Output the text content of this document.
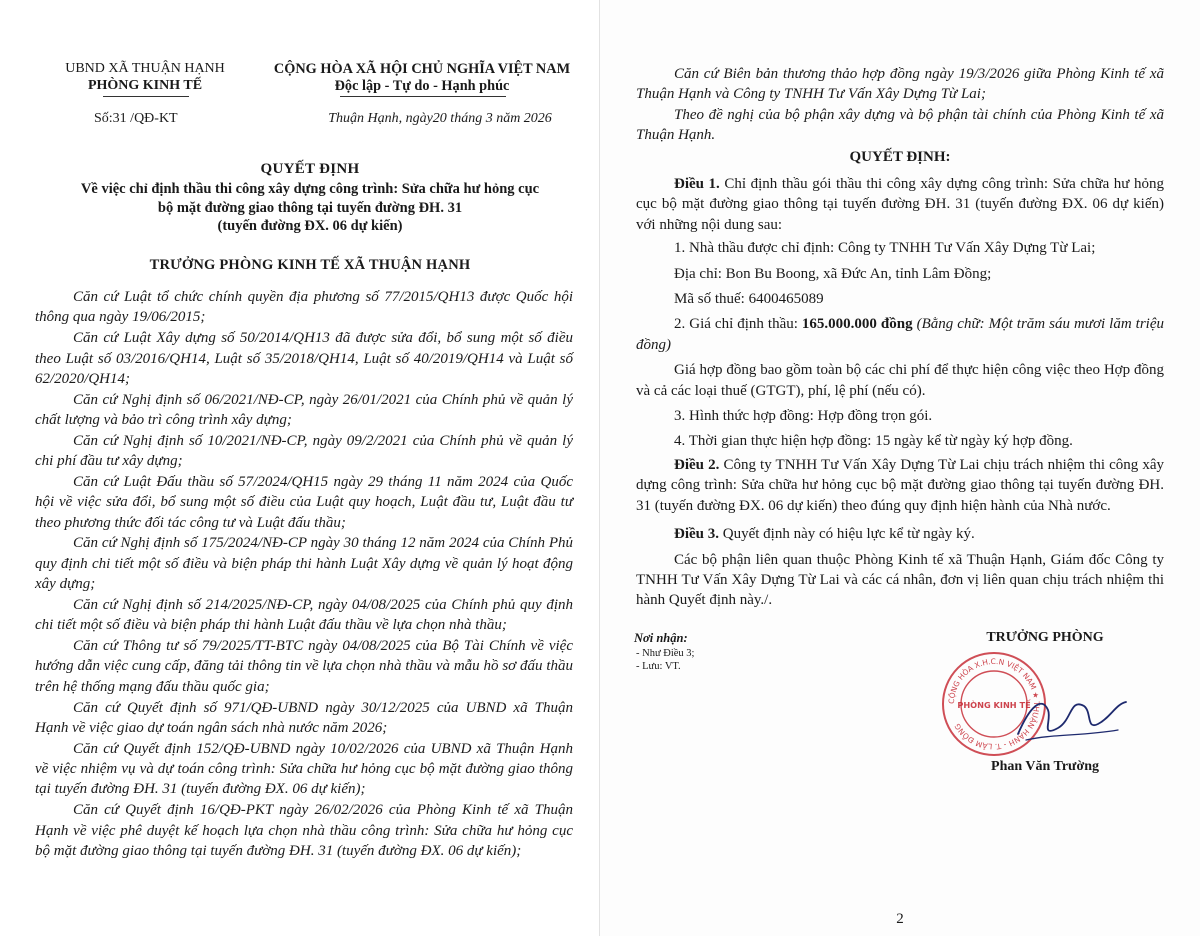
UBND XÃ THUẬN HẠNH
PHÒNG KINH TẾ
CỘNG HÒA XÃ HỘI CHỦ NGHĨA VIỆT NAM
Độc lập - Tự do - Hạnh phúc
Số:31 /QĐ-KT	Thuận Hạnh, ngày20 tháng 3 năm 2026
QUYẾT ĐỊNH
Về việc chỉ định thầu thi công xây dựng công trình: Sửa chữa hư hỏng cục
bộ mặt đường giao thông tại tuyến đường ĐH. 31
(tuyến đường ĐX. 06 dự kiến)
TRƯỞNG PHÒNG KINH TẾ XÃ THUẬN HẠNH

Căn cứ Luật tổ chức chính quyền địa phương số 77/2015/QH13 được Quốc hội thông qua ngày 19/06/2015;

Căn cứ Luật Xây dựng số 50/2014/QH13 đã được sửa đổi, bổ sung một số điều theo Luật số 03/2016/QH14, Luật số 35/2018/QH14, Luật số 40/2019/QH14 và Luật số 62/2020/QH14;

Căn cứ Nghị định số 06/2021/NĐ-CP, ngày 26/01/2021 của Chính phủ về quản lý chất lượng và bảo trì công trình xây dựng;

Căn cứ Nghị định số 10/2021/NĐ-CP, ngày 09/2/2021 của Chính phủ về quản lý chi phí đầu tư xây dựng;

Căn cứ Luật Đấu thầu số 57/2024/QH15 ngày 29 tháng 11 năm 2024 của Quốc hội về việc sửa đổi, bổ sung một số điều của Luật quy hoạch, Luật đầu tư, Luật đầu tư theo phương thức đối tác công tư và Luật đấu thầu;

Căn cứ Nghị định số 175/2024/NĐ-CP ngày 30 tháng 12 năm 2024 của Chính Phủ quy định chi tiết một số điều và biện pháp thi hành Luật Xây dựng về quản lý hoạt động xây dựng;

Căn cứ Nghị định số 214/2025/NĐ-CP, ngày 04/08/2025 của Chính phủ quy định chi tiết một số điều và biện pháp thi hành Luật đấu thầu về lựa chọn nhà thầu;

Căn cứ Thông tư số 79/2025/TT-BTC ngày 04/08/2025 của Bộ Tài Chính về việc hướng dẫn việc cung cấp, đăng tải thông tin về lựa chọn nhà thầu và mẫu hồ sơ đấu thầu trên hệ thống mạng đấu thầu quốc gia;

Căn cứ Quyết định số 971/QĐ-UBND ngày 30/12/2025 của UBND xã Thuận Hạnh về việc giao dự toán ngân sách nhà nước năm 2026;

Căn cứ Quyết định 152/QĐ-UBND ngày 10/02/2026 của UBND xã Thuận Hạnh về việc nhiệm vụ và dự toán công trình: Sửa chữa hư hỏng cục bộ mặt đường giao thông tại tuyến đường ĐH. 31 (tuyến đường ĐX. 06 dự kiến);

Căn cứ Quyết định 16/QĐ-PKT ngày 26/02/2026 của Phòng Kinh tế xã Thuận Hạnh về việc phê duyệt kế hoạch lựa chọn nhà thầu công trình: Sửa chữa hư hỏng cục bộ mặt đường giao thông tại tuyến đường ĐH. 31 (tuyến đường ĐX. 06 dự kiến);

Căn cứ Biên bản thương thảo hợp đồng ngày 19/3/2026 giữa Phòng Kinh tế xã Thuận Hạnh và Công ty TNHH Tư Vấn Xây Dựng Từ Lai;

Theo đề nghị của bộ phận xây dựng và bộ phận tài chính của Phòng Kinh tế xã Thuận Hạnh.

QUYẾT ĐỊNH:

Điều 1. Chỉ định thầu gói thầu thi công xây dựng công trình: Sửa chữa hư hỏng cục bộ mặt đường giao thông tại tuyến đường ĐH. 31 (tuyến đường ĐX. 06 dự kiến) với những nội dung sau:

1. Nhà thầu được chỉ định: Công ty TNHH Tư Vấn Xây Dựng Từ Lai;

Địa chỉ: Bon Bu Boong, xã Đức An, tỉnh Lâm Đồng;

Mã số thuế: 6400465089

2. Giá chỉ định thầu: 165.000.000 đồng (Bằng chữ: Một trăm sáu mươi lăm triệu đồng)

Giá hợp đồng bao gồm toàn bộ các chi phí để thực hiện công việc theo Hợp đồng và cả các loại thuế (GTGT), phí, lệ phí (nếu có).

3. Hình thức hợp đồng: Hợp đồng trọn gói.

4. Thời gian thực hiện hợp đồng: 15 ngày kể từ ngày ký hợp đồng.

Điều 2. Công ty TNHH Tư Vấn Xây Dựng Từ Lai chịu trách nhiệm thi công xây dựng công trình: Sửa chữa hư hỏng cục bộ mặt đường giao thông tại tuyến đường ĐH. 31 (tuyến đường ĐX. 06 dự kiến) theo đúng quy định hiện hành của Nhà nước.

Điều 3. Quyết định này có hiệu lực kể từ ngày ký.

Các bộ phận liên quan thuộc Phòng Kinh tế xã Thuận Hạnh, Giám đốc Công ty TNHH Tư Vấn Xây Dựng Từ Lai và các cá nhân, đơn vị liên quan chịu trách nhiệm thi hành Quyết định này./.

Nơi nhận:
- Như Điều 3;
- Lưu: VT.
TRƯỞNG PHÒNG
CỘNG HÒA X.H.C.N VIỆT NAM ★ THUẬN HẠNH - T. LÂM ĐỒNG
PHÒNG KINH TẾ
Phan Văn Trường
2
